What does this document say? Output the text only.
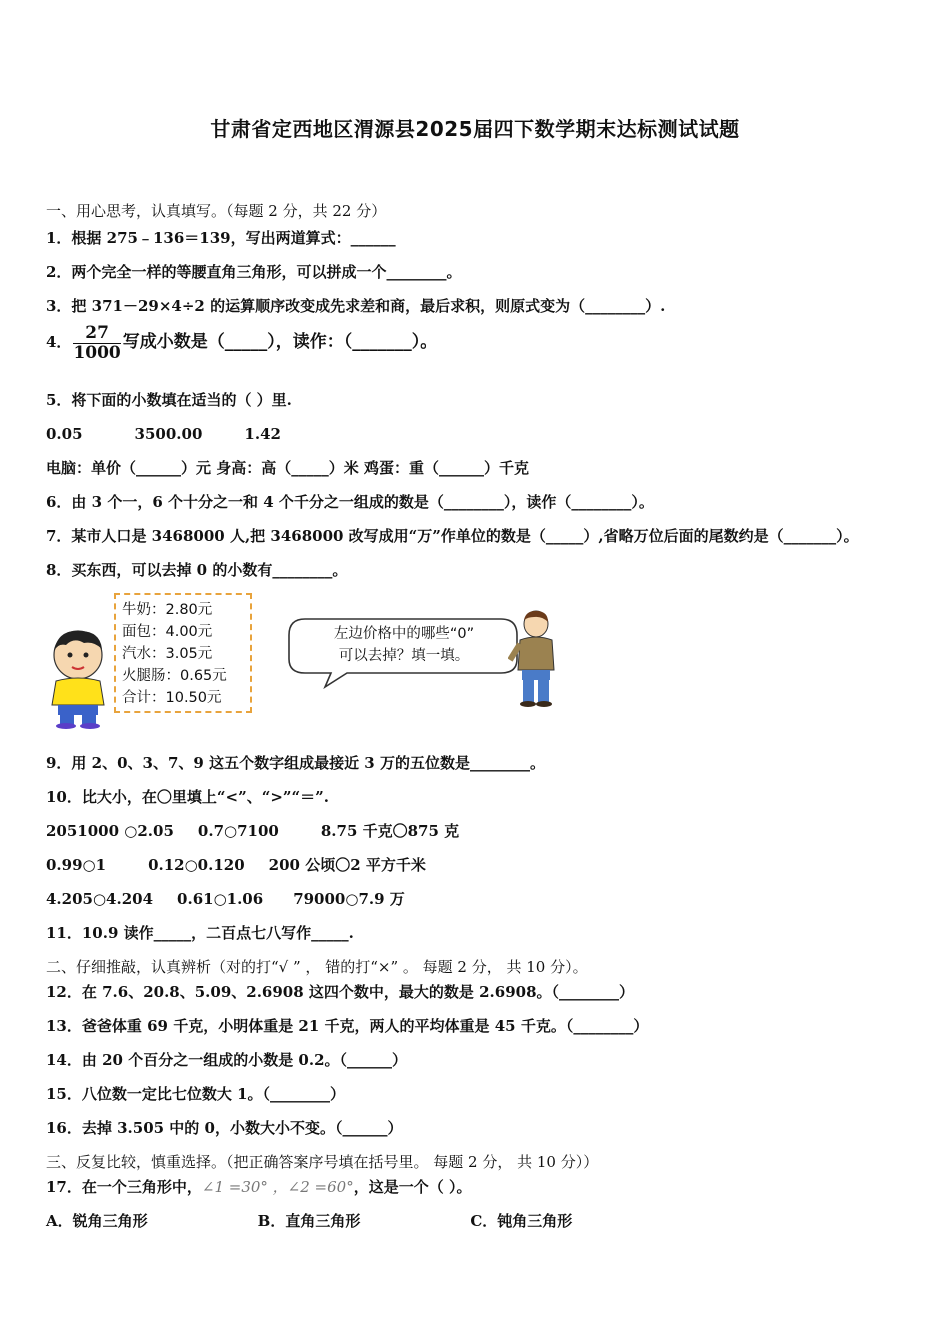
甘肃省定西地区渭源县2025届四下数学期末达标测试试题
一、用心思考，认真填写。（每题 2 分，共 22 分）
1．根据 275﹣136＝139，写出两道算式：______
2．两个完全一样的等腰直角三角形，可以拼成一个________。
3．把 371－29×4÷2 的运算顺序改变成先求差和商，最后求积，则原式变为（________）.
4． $\frac{27}{1000}$ 写成小数是（_____），读作：（_______）。
5．将下面的小数填在适当的（ ）里.
0.05	3500.00	1.42
电脑：单价（______）元 身高：高（_____）米 鸡蛋：重（______）千克
6．由 3 个一，6 个十分之一和 4 个千分之一组成的数是（________），读作（________）。
7．某市人口是 3468000 人,把 3468000 改写成用“万”作单位的数是（_____）,省略万位后面的尾数约是（_______）。
8．买东西，可以去掉 0 的小数有________。
牛奶：2.80元
面包：4.00元
汽水：3.05元
火腿肠：0.65元
合计：10.50元
左边价格中的哪些“0”
可以去掉？填一填。
9．用 2、0、3、7、9 这五个数字组成最接近 3 万的五位数是________。
10．比大小，在〇里填上“<”、“>”“＝”.
2051000 ○2.05 0.7○7100	8.75 千克〇875 克
0.99○1	0.12○0.120 200 公顷〇2 平方千米
4.205○4.204 0.61○1.06 79000○7.9 万
11．10.9 读作_____，二百点七八写作_____.
二、仔细推敲，认真辨析（对的打“√ ” ， 错的打“×” 。 每题 2 分， 共 10 分）。
12．在 7.6、20.8、5.09、2.6908 这四个数中，最大的数是 2.6908。（________）
13．爸爸体重 69 千克，小明体重是 21 千克，两人的平均体重是 45 千克。（________）
14．由 20 个百分之一组成的小数是 0.2。（______）
15．八位数一定比七位数大 1。（________）
16．去掉 3.505 中的 0，小数大小不变。（______）
三、反复比较，慎重选择。（把正确答案序号填在括号里。 每题 2 分， 共 10 分））
17．在一个三角形中，∠1 =30° ，∠2 =60°，这是一个（ ）。
A．锐角三角形	B．直角三角形	C．钝角三角形
